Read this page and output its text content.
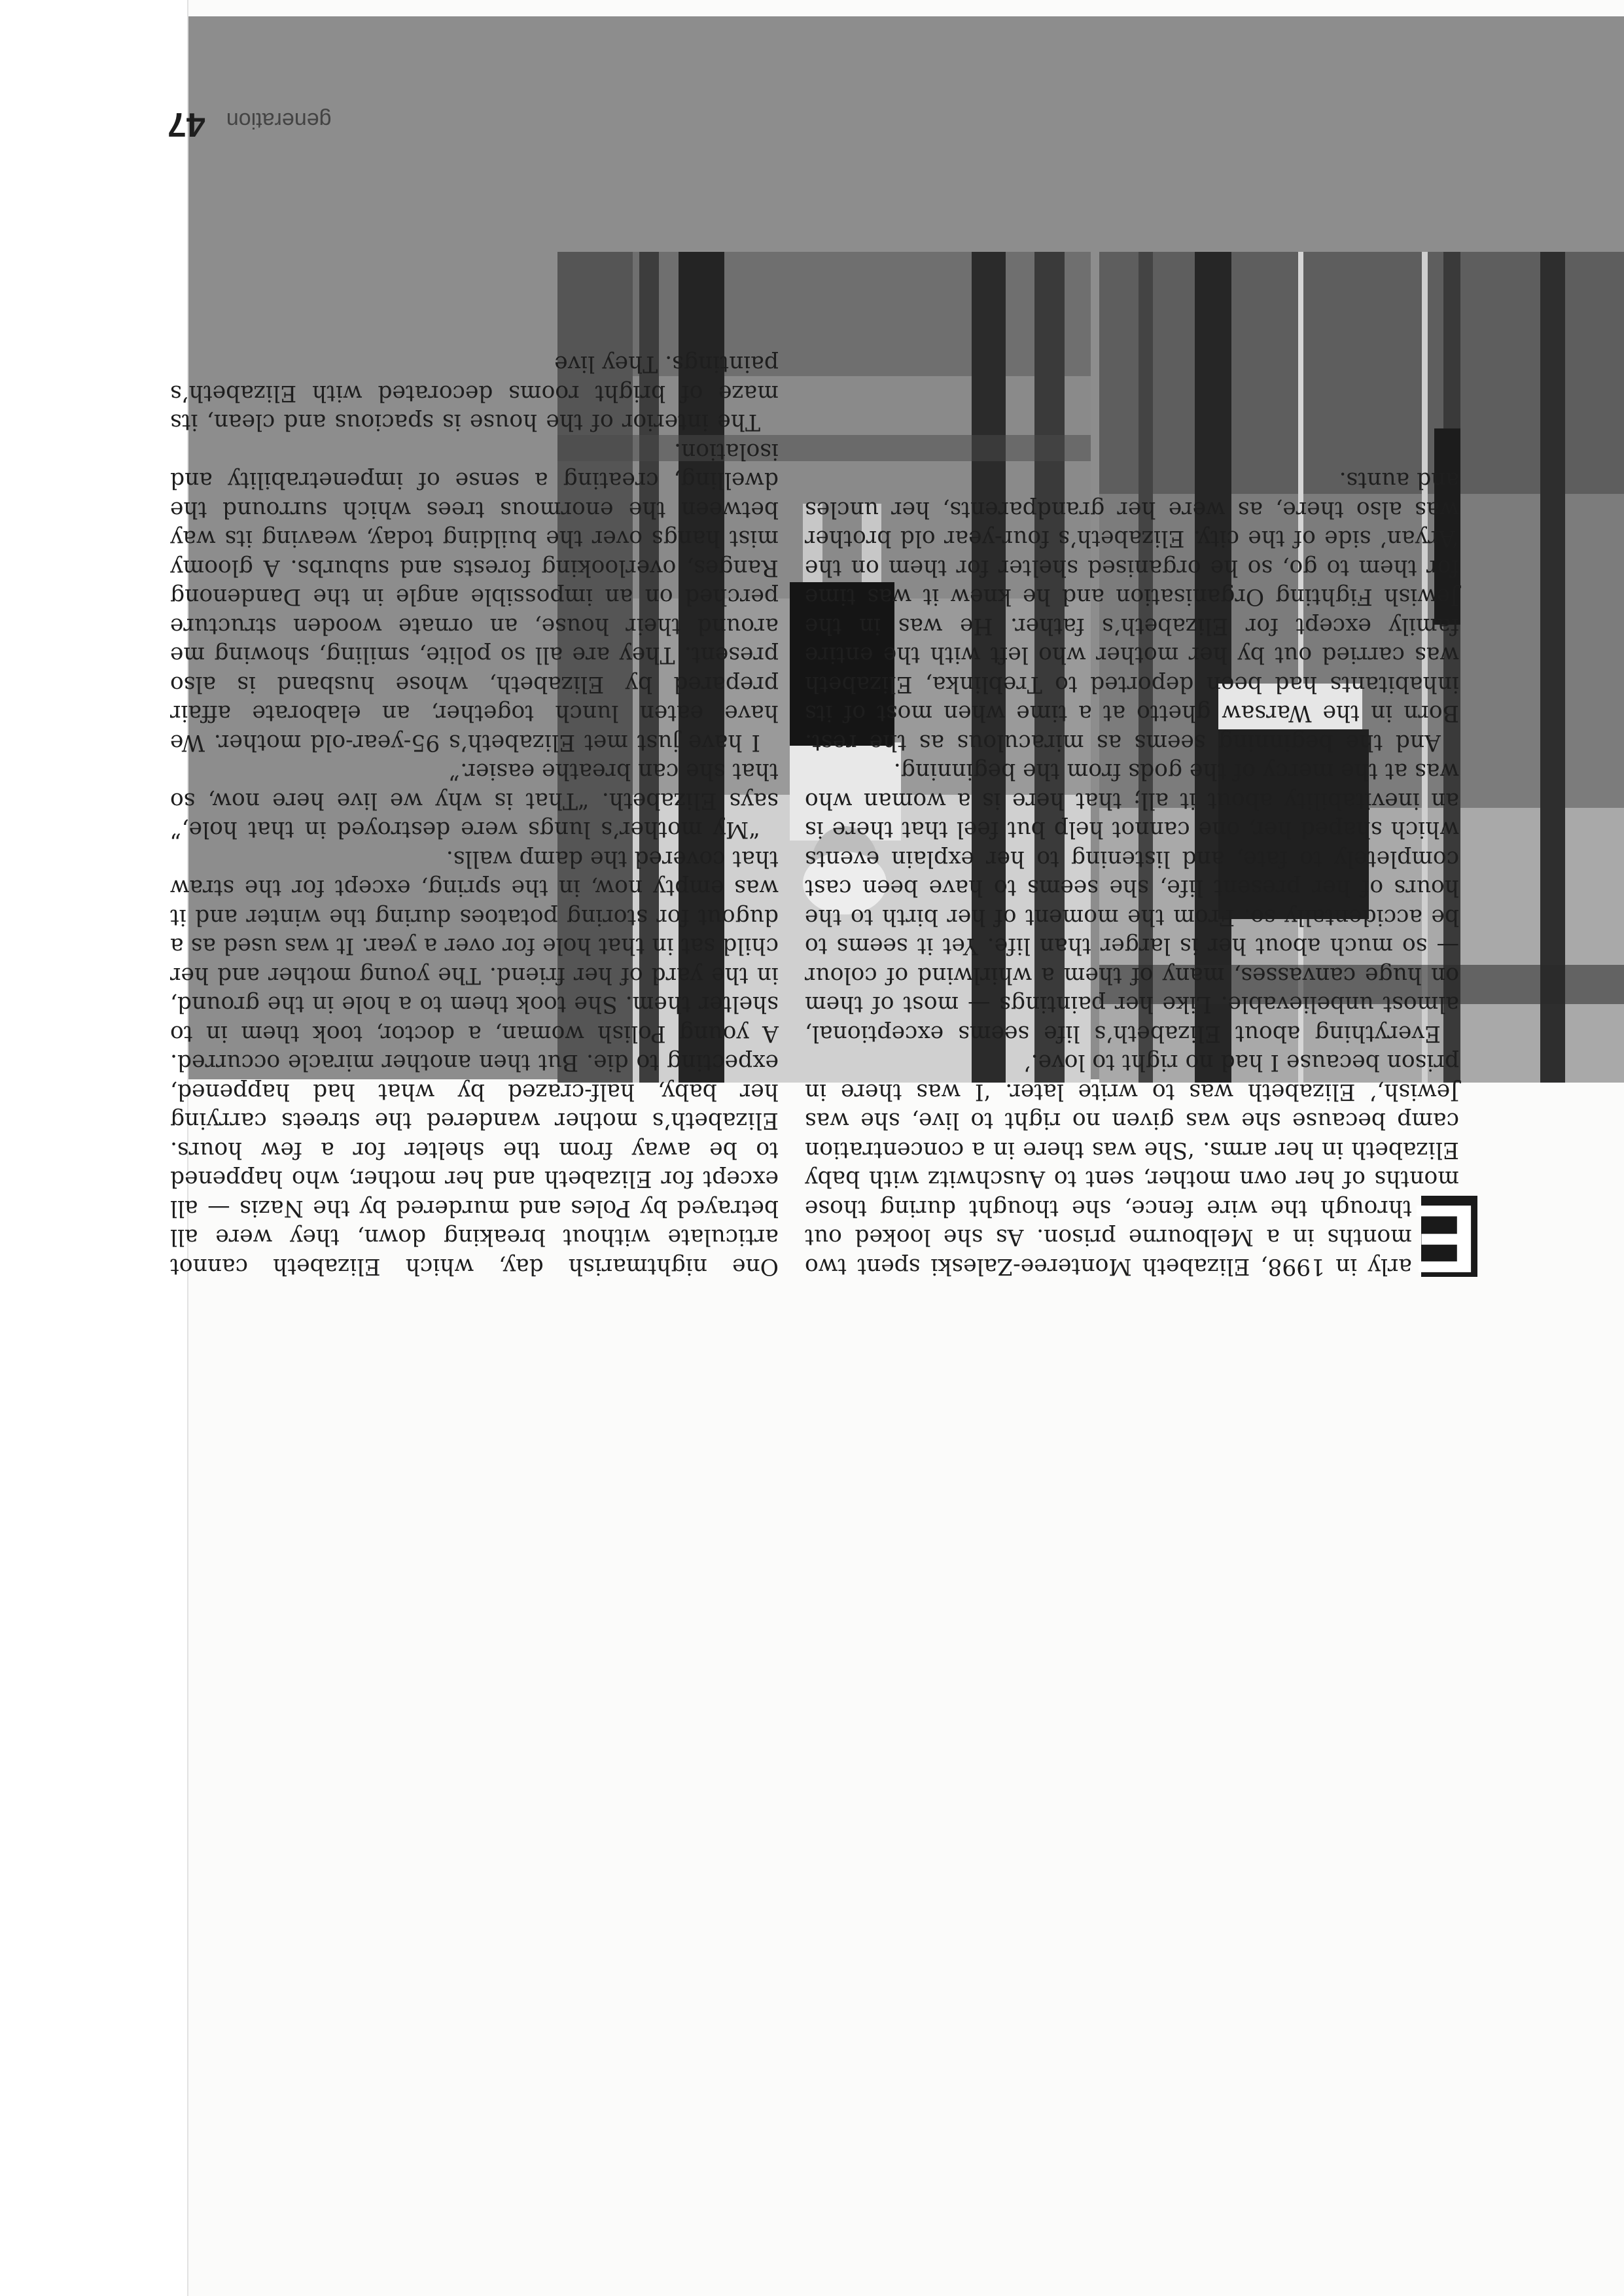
E
arly in 1998, Elizabeth Monteree-Zaleski spent two months in a Melbourne prison. As she looked out through the wire fence, she thought during those months of her own mother, sent to Auschwitz with baby Elizabeth in her arms. ‘She was there in a concentration camp because she was given no right to live, she was Jewish,’ Elizabeth was to write later. ‘I was there in prison because I had no right to love.’

Everything about Elizabeth’s life seems exceptional, almost unbelievable. Like her paintings — most of them on huge canvasses, many of them a whirlwind of colour — so much about her is larger than life. Yet it seems to be accidentally so. From the moment of her birth to the hours of her present life, she seems to have been cast completely to fate, and listening to her explain events which shaped her, one cannot help but feel that there is an inevitability about it all; that here is a woman who was at the mercy of the gods from the beginning.

And the beginning seems as miraculous as the rest. Born in the Warsaw ghetto at a time when most of its inhabitants had been deported to Treblinka, Elizabeth was carried out by her mother who left with the entire family except for Elizabeth’s father. He was in the Jewish Fighting Organisation and he knew it was time for them to go, so he organised shelter for them on the ‘Aryan’ side of the city. Elizabeth’s four-year old brother was also there, as were her grandparents, her uncles and aunts.

One nightmarish day, which Elizabeth cannot articulate without breaking down, they were all betrayed by Poles and murdered by the Nazis — all except for Elizabeth and her mother, who happened to be away from the shelter for a few hours. Elizabeth’s mother wandered the streets carrying her baby, half-crazed by what had happened, expecting to die. But then another miracle occurred. A young Polish woman, a doctor, took them in to shelter them. She took them to a hole in the ground, in the yard of her friend. The young mother and her child sat in that hole for over a year. It was used as a dugout for storing potatoes during the winter and it was empty now, in the spring, except for the straw that covered the damp walls.

“My mother’s lungs were destroyed in that hole,” says Elizabeth. “That is why we live here now, so that she can breathe easier.”

I have just met Elizabeth’s 95-year-old mother. We have eaten lunch together, an elaborate affair prepared by Elizabeth, whose husband is also present. They are all so polite, smiling, showing me around their house, an ornate wooden structure perched on an impossible angle in the Dandenong Ranges, overlooking forests and suburbs. A gloomy mist hangs over the building today, weaving its way between the enormous trees which surround the dwelling, creating a sense of impenetrability and isolation.

The interior of the house is spacious and clean, its maze of bright rooms decorated with Elizabeth’s paintings. They live

generation
47
